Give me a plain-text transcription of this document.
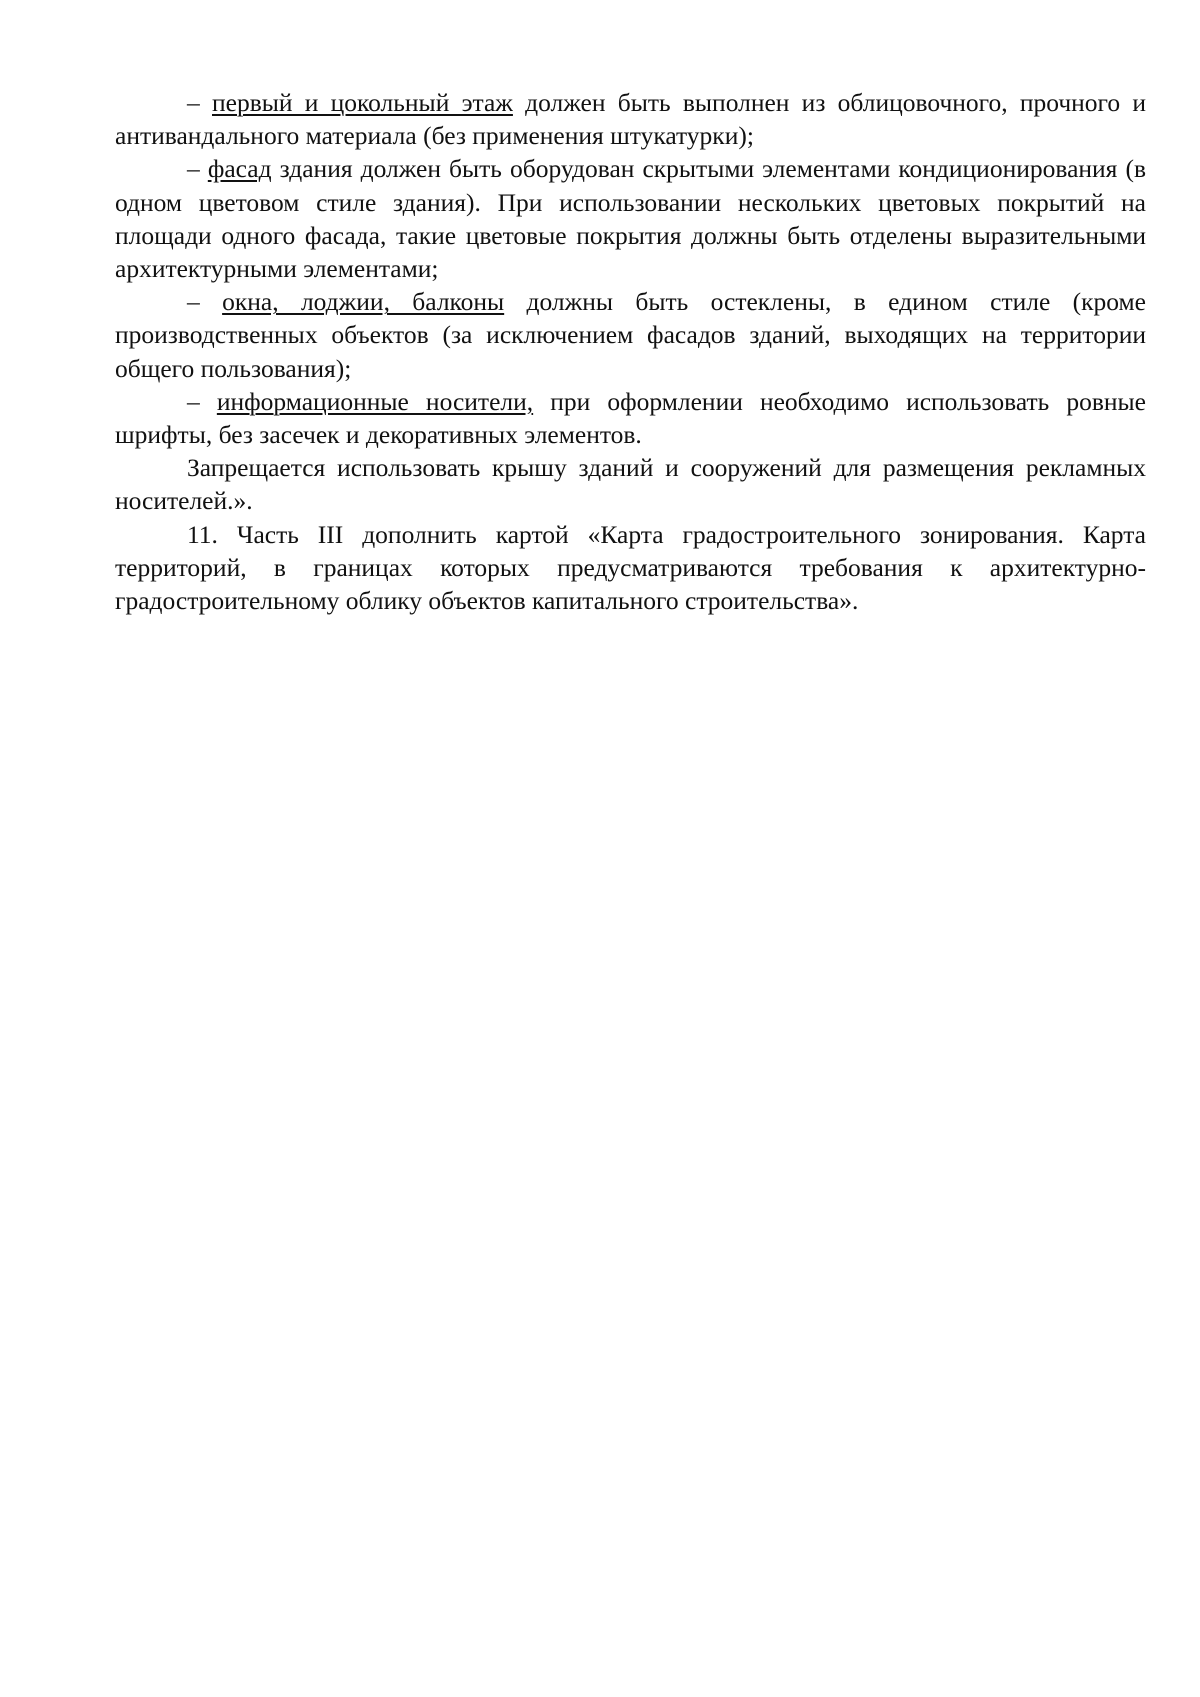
– первый и цокольный этаж должен быть выполнен из облицовочного, прочного и антивандального материала (без применения штукатурки);

– фасад здания должен быть оборудован скрытыми элементами кондиционирования (в одном цветовом стиле здания). При использовании нескольких цветовых покрытий на площади одного фасада, такие цветовые покрытия должны быть отделены выразительными архитектурными элементами;

– окна, лоджии, балконы должны быть остеклены, в едином стиле (кроме производственных объектов (за исключением фасадов зданий, выходящих на территории общего пользования);

– информационные носители, при оформлении необходимо использовать ровные шрифты, без засечек и декоративных элементов.

Запрещается использовать крышу зданий и сооружений для размещения рекламных носителей.».

11. Часть III дополнить картой «Карта градостроительного зонирования. Карта территорий, в границах которых предусматриваются требования к архитектурно-градостроительному облику объектов капитального строительства».
